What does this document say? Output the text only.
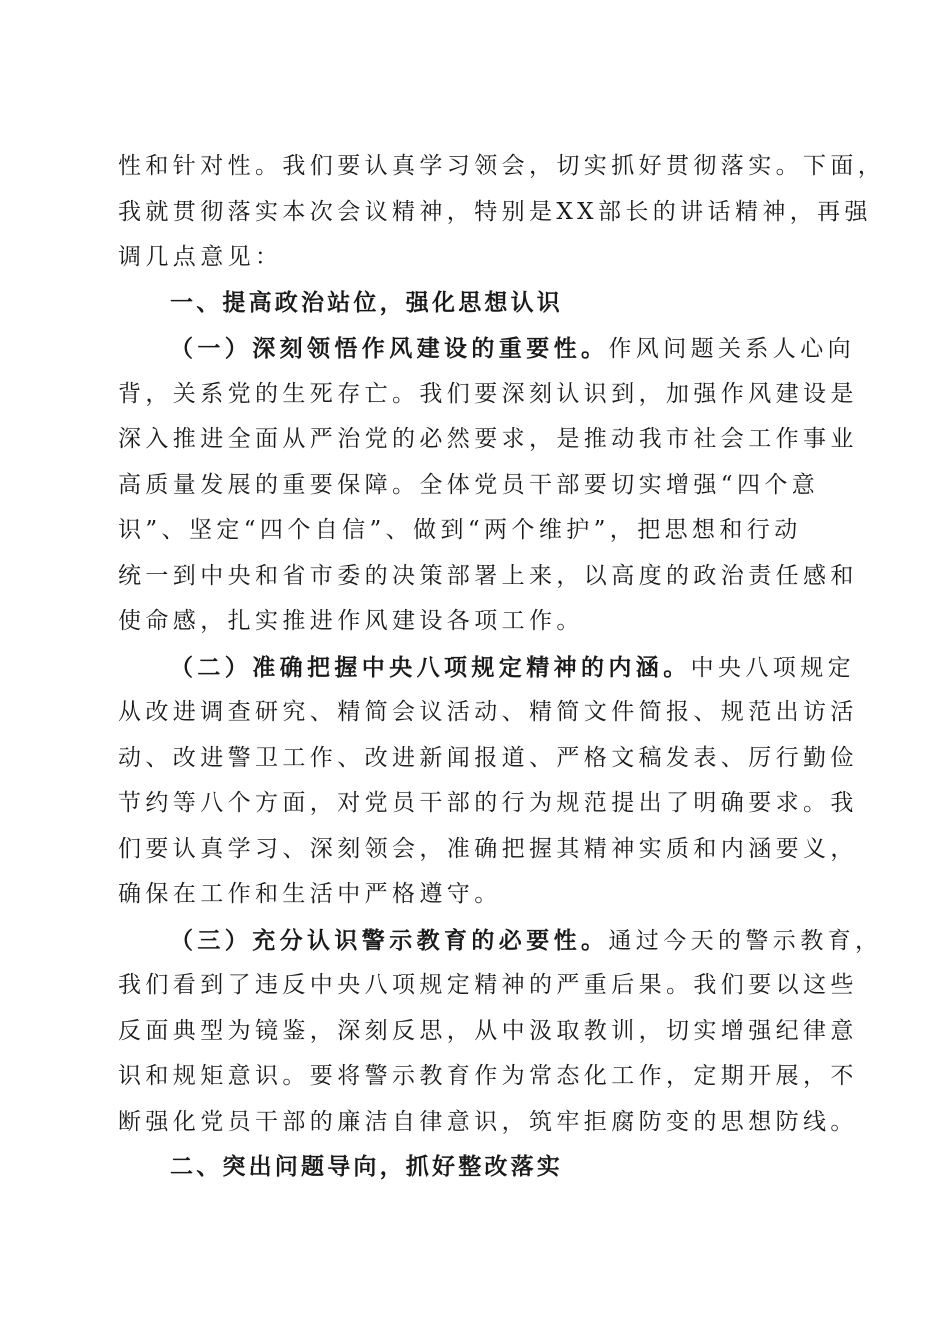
性和针对性。我们要认真学习领会，切实抓好贯彻落实。下面，
我就贯彻落实本次会议精神，特别是XX部长的讲话精神，再强
调几点意见：
一、提高政治站位，强化思想认识
（一）深刻领悟作风建设的重要性。作风问题关系人心向
背，关系党的生死存亡。我们要深刻认识到，加强作风建设是
深入推进全面从严治党的必然要求，是推动我市社会工作事业
高质量发展的重要保障。全体党员干部要切实增强“四个意
识”、坚定“四个自信”、做到“两个维护”，把思想和行动
统一到中央和省市委的决策部署上来，以高度的政治责任感和
使命感，扎实推进作风建设各项工作。
（二）准确把握中央八项规定精神的内涵。中央八项规定
从改进调查研究、精简会议活动、精简文件简报、规范出访活
动、改进警卫工作、改进新闻报道、严格文稿发表、厉行勤俭
节约等八个方面，对党员干部的行为规范提出了明确要求。我
们要认真学习、深刻领会，准确把握其精神实质和内涵要义，
确保在工作和生活中严格遵守。
（三）充分认识警示教育的必要性。通过今天的警示教育，
我们看到了违反中央八项规定精神的严重后果。我们要以这些
反面典型为镜鉴，深刻反思，从中汲取教训，切实增强纪律意
识和规矩意识。要将警示教育作为常态化工作，定期开展，不
断强化党员干部的廉洁自律意识，筑牢拒腐防变的思想防线。
二、突出问题导向，抓好整改落实
